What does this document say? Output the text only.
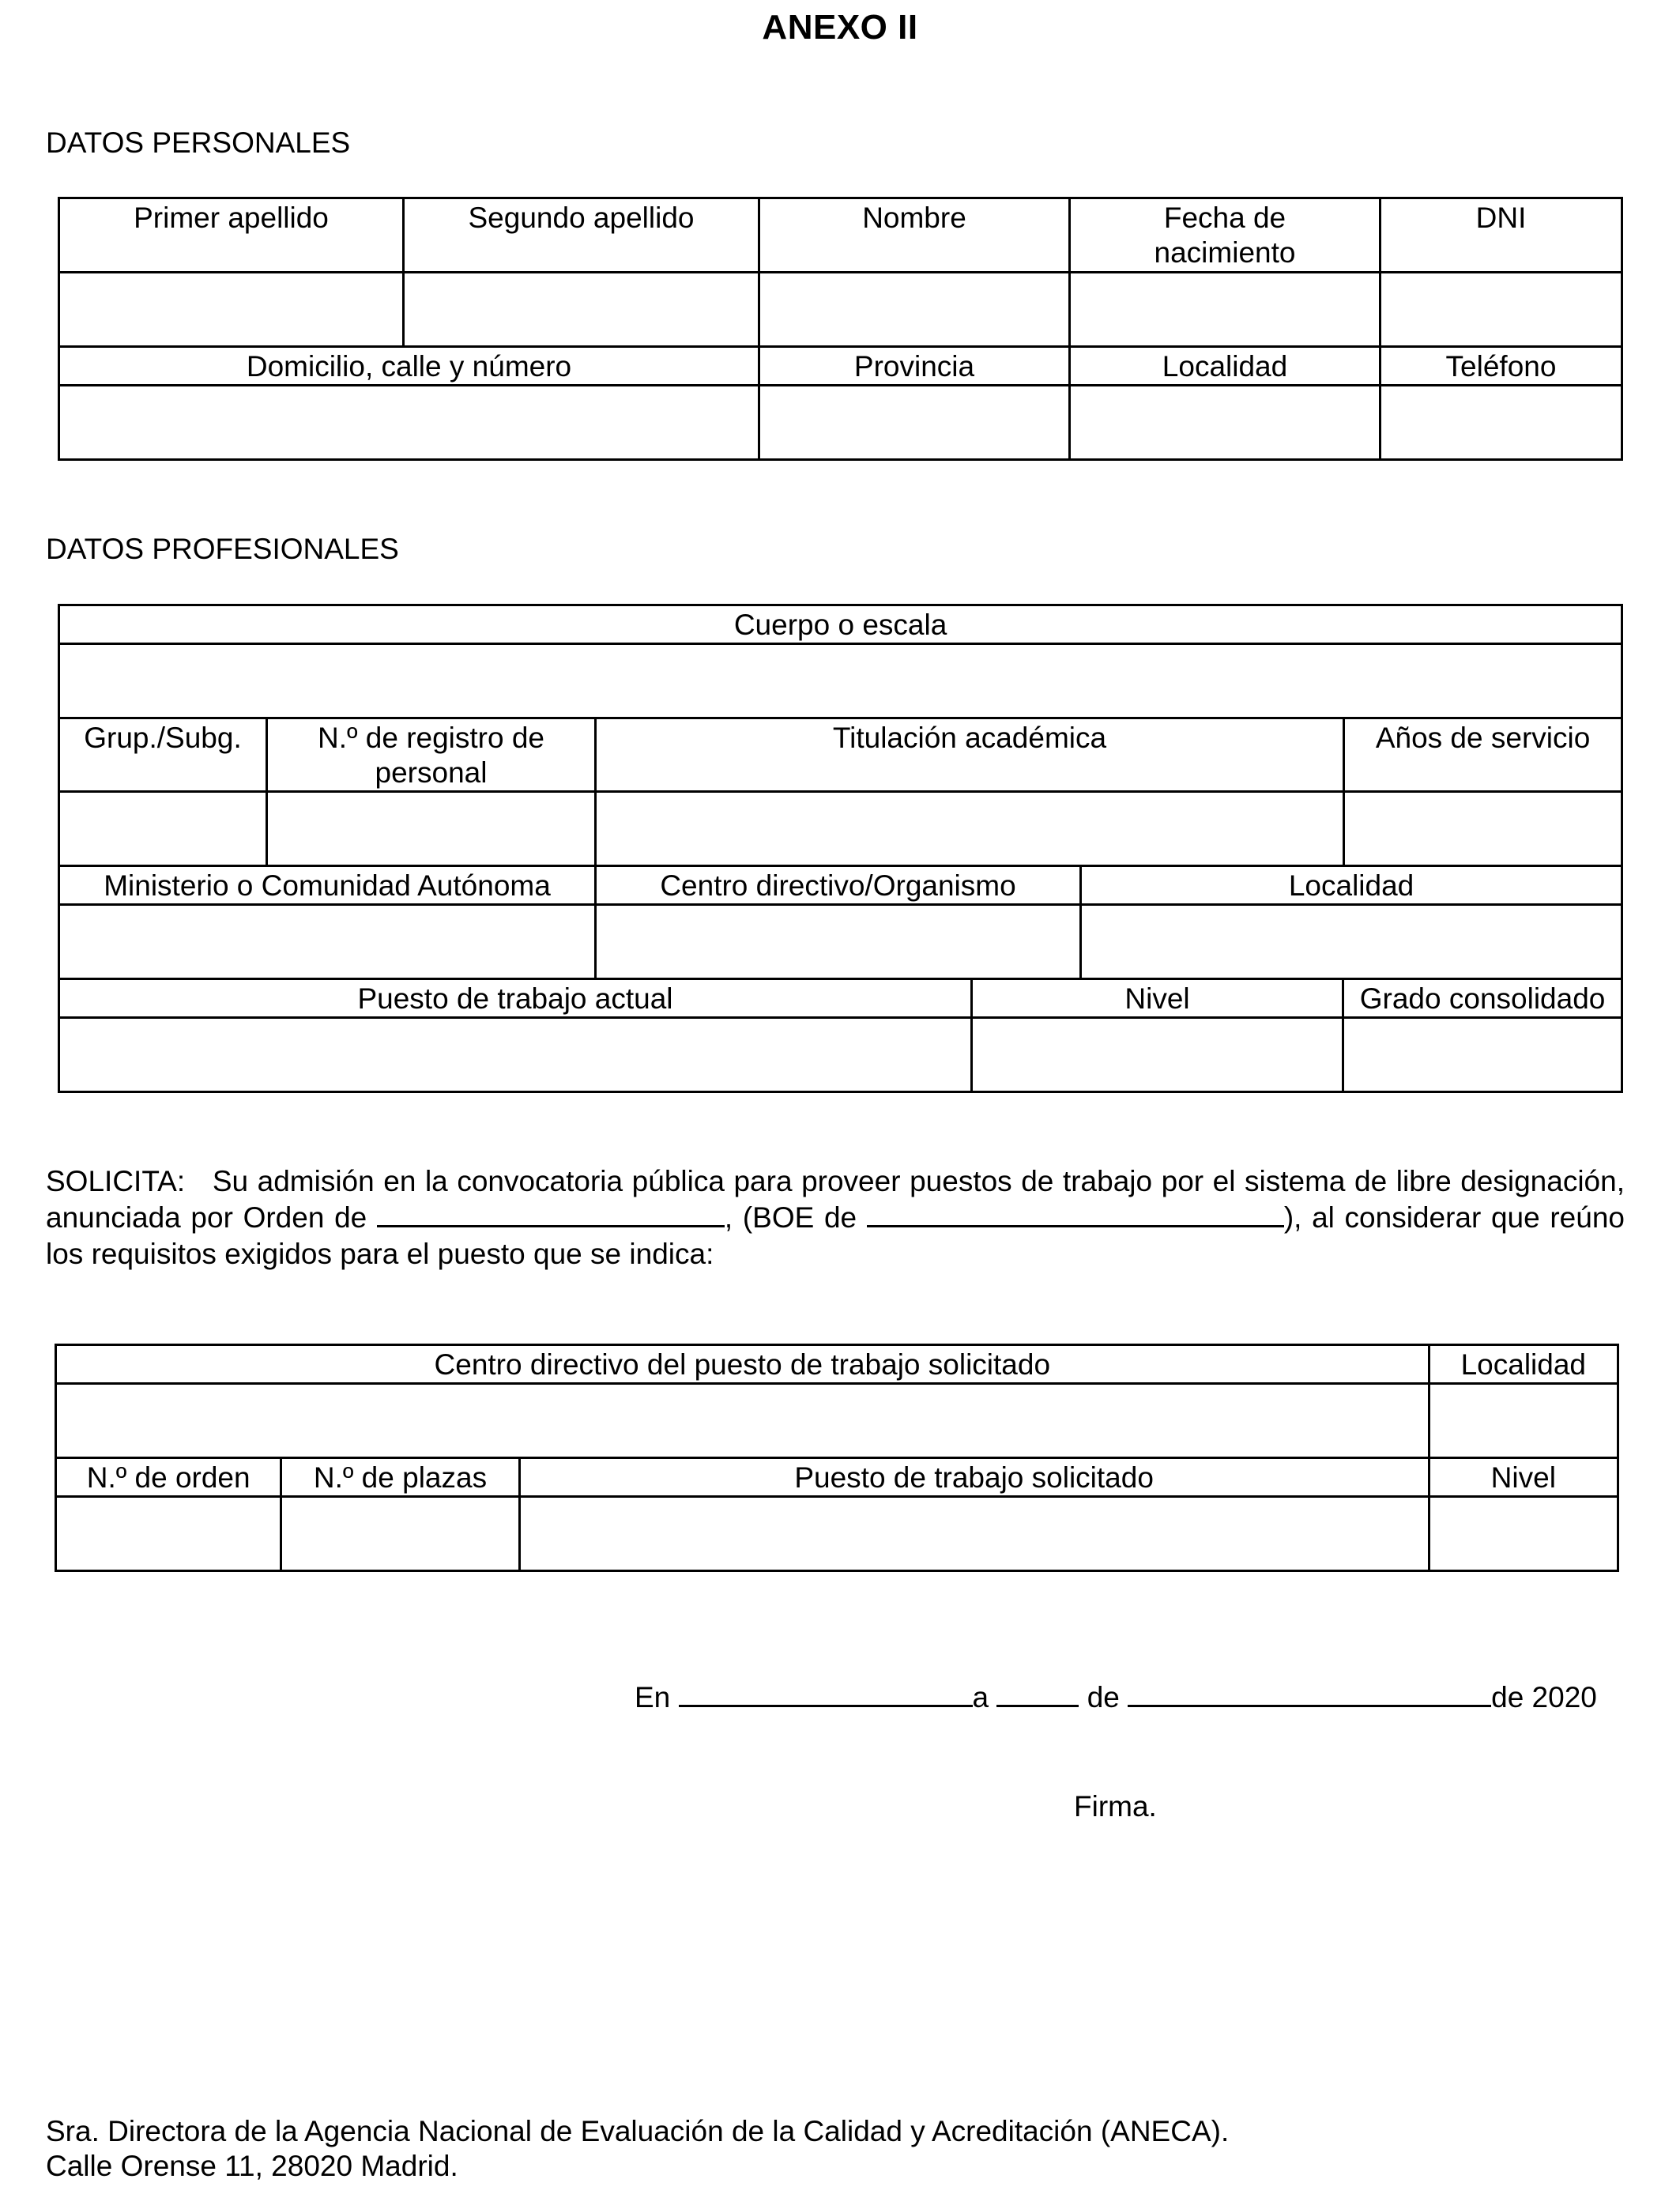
ANEXO II
DATOS PERSONALES
Primer apellido	Segundo apellido	Nombre	Fecha de nacimiento	DNI

Domicilio, calle y número		Provincia	Localidad	Teléfono

DATOS PROFESIONALES
Cuerpo o escala					

Grup./Subg.	N.º de registro de personal	Titulación académica			Años de servicio

Ministerio o Comunidad Autónoma		Centro directivo/Organismo		Localidad	

Puesto de trabajo actual			Nivel		Grado consolidado

SOLICITA: Su admisión en la convocatoria pública para proveer puestos de trabajo por el sistema de libre designación, anunciada por Orden de	, (BOE de	), al considerar que reúno los requisitos exigidos para el puesto que se indica:
Centro directivo del puesto de trabajo solicitado			Localidad

N.º de orden	N.º de plazas	Puesto de trabajo solicitado	Nivel

En	a	de	de 2020
Firma.
Sra. Directora de la Agencia Nacional de Evaluación de la Calidad y Acreditación (ANECA).
Calle Orense 11, 28020 Madrid.
